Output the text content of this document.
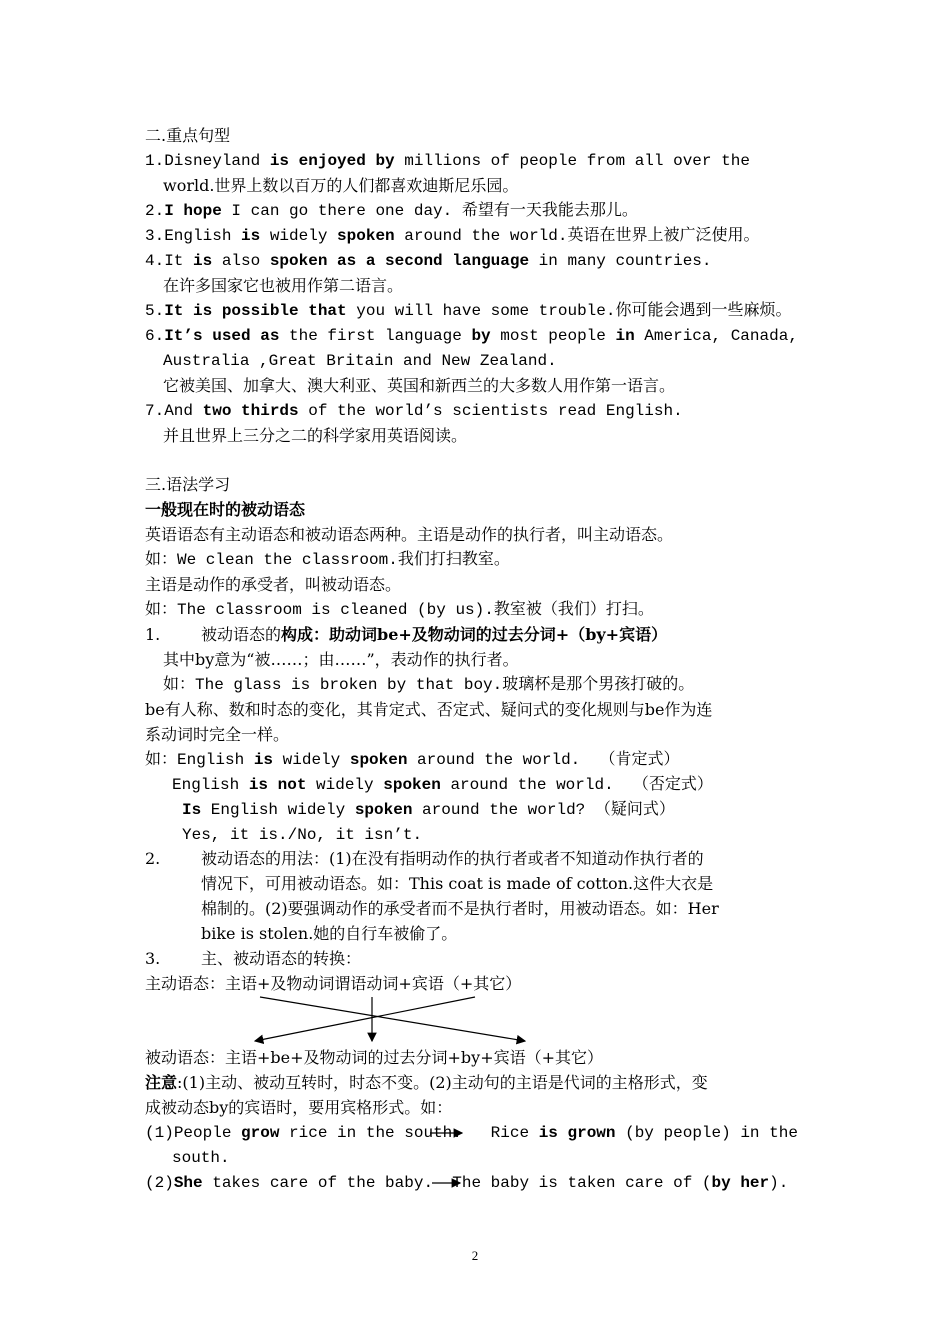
二.重点句型
1.Disneyland is enjoyed by millions of people from all over the
world.世界上数以百万的人们都喜欢迪斯尼乐园。
2.I hope I can go there one day. 希望有一天我能去那儿。
3.English is widely spoken around the world.英语在世界上被广泛使用。
4.It is also spoken as a second language in many countries.
在许多国家它也被用作第二语言。
5.It is possible that you will have some trouble.你可能会遇到一些麻烦。
6.It’s used as the first language by most people in America, Canada,
Australia ,Great Britain and New Zealand.
它被美国、加拿大、澳大利亚、英国和新西兰的大多数人用作第一语言。
7.And two thirds of the world’s scientists read English.
并且世界上三分之二的科学家用英语阅读。
三.语法学习
一般现在时的被动语态
英语语态有主动语态和被动语态两种。主语是动作的执行者，叫主动语态。
如：We clean the classroom.我们打扫教室。
主语是动作的承受者，叫被动语态。
如：The classroom is cleaned (by us).教室被（我们）打扫。
1.	被动语态的构成：助动词be+及物动词的过去分词+（by+宾语）
其中by意为“被……；由……”，表动作的执行者。
如：The glass is broken by that boy.玻璃杯是那个男孩打破的。
be有人称、数和时态的变化，其肯定式、否定式、疑问式的变化规则与be作为连
系动词时完全一样。
如：English is widely spoken around the world.  （肯定式）
English is not widely spoken around the world.  （否定式）
Is English widely spoken around the world? （疑问式）
Yes, it is./No, it isn’t.
2.	被动语态的用法：(1)在没有指明动作的执行者或者不知道动作执行者的
情况下，可用被动语态。如：This coat is made of cotton.这件大衣是
棉制的。(2)要强调动作的承受者而不是执行者时，用被动语态。如：Her
bike is stolen.她的自行车被偷了。
3.	主、被动语态的转换：
主动语态：主语+及物动词谓语动词+宾语（+其它）
被动语态：主语+be+及物动词的过去分词+by+宾语（+其它）
注意:(1)主动、被动互转时，时态不变。(2)主动句的主语是代词的主格形式，变
成被动态by的宾语时，要用宾格形式。如：
(1)People grow rice in the south.   Rice is grown (by people) in the
south.
(2)She takes care of the baby.  The baby is taken care of (by her).
2
